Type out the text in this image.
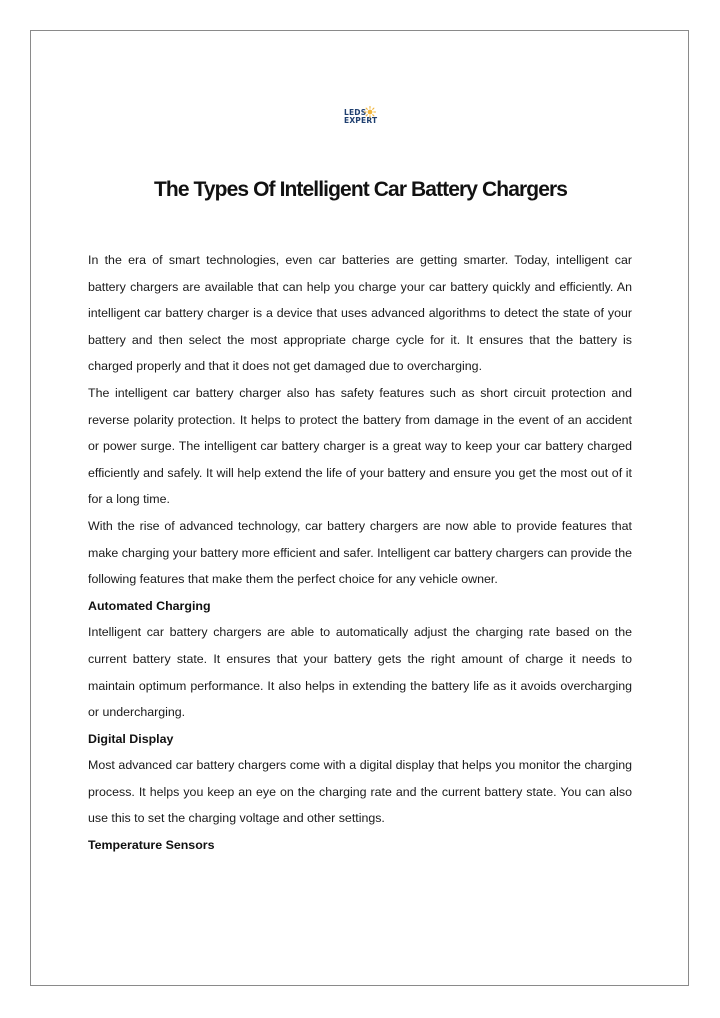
LEDS
EXPERT
The Types Of Intelligent Car Battery Chargers

In the era of smart technologies, even car batteries are getting smarter. Today, intelligent car battery chargers are available that can help you charge your car battery quickly and efficiently. An intelligent car battery charger is a device that uses advanced algorithms to detect the state of your battery and then select the most appropriate charge cycle for it. It ensures that the battery is charged properly and that it does not get damaged due to overcharging.

The intelligent car battery charger also has safety features such as short circuit protection and reverse polarity protection. It helps to protect the battery from damage in the event of an accident or power surge. The intelligent car battery charger is a great way to keep your car battery charged efficiently and safely. It will help extend the life of your battery and ensure you get the most out of it for a long time.

With the rise of advanced technology, car battery chargers are now able to provide features that make charging your battery more efficient and safer. Intelligent car battery chargers can provide the following features that make them the perfect choice for any vehicle owner.

Automated Charging

Intelligent car battery chargers are able to automatically adjust the charging rate based on the current battery state. It ensures that your battery gets the right amount of charge it needs to maintain optimum performance. It also helps in extending the battery life as it avoids overcharging or undercharging.

Digital Display

Most advanced car battery chargers come with a digital display that helps you monitor the charging process. It helps you keep an eye on the charging rate and the current battery state. You can also use this to set the charging voltage and other settings.

Temperature Sensors
